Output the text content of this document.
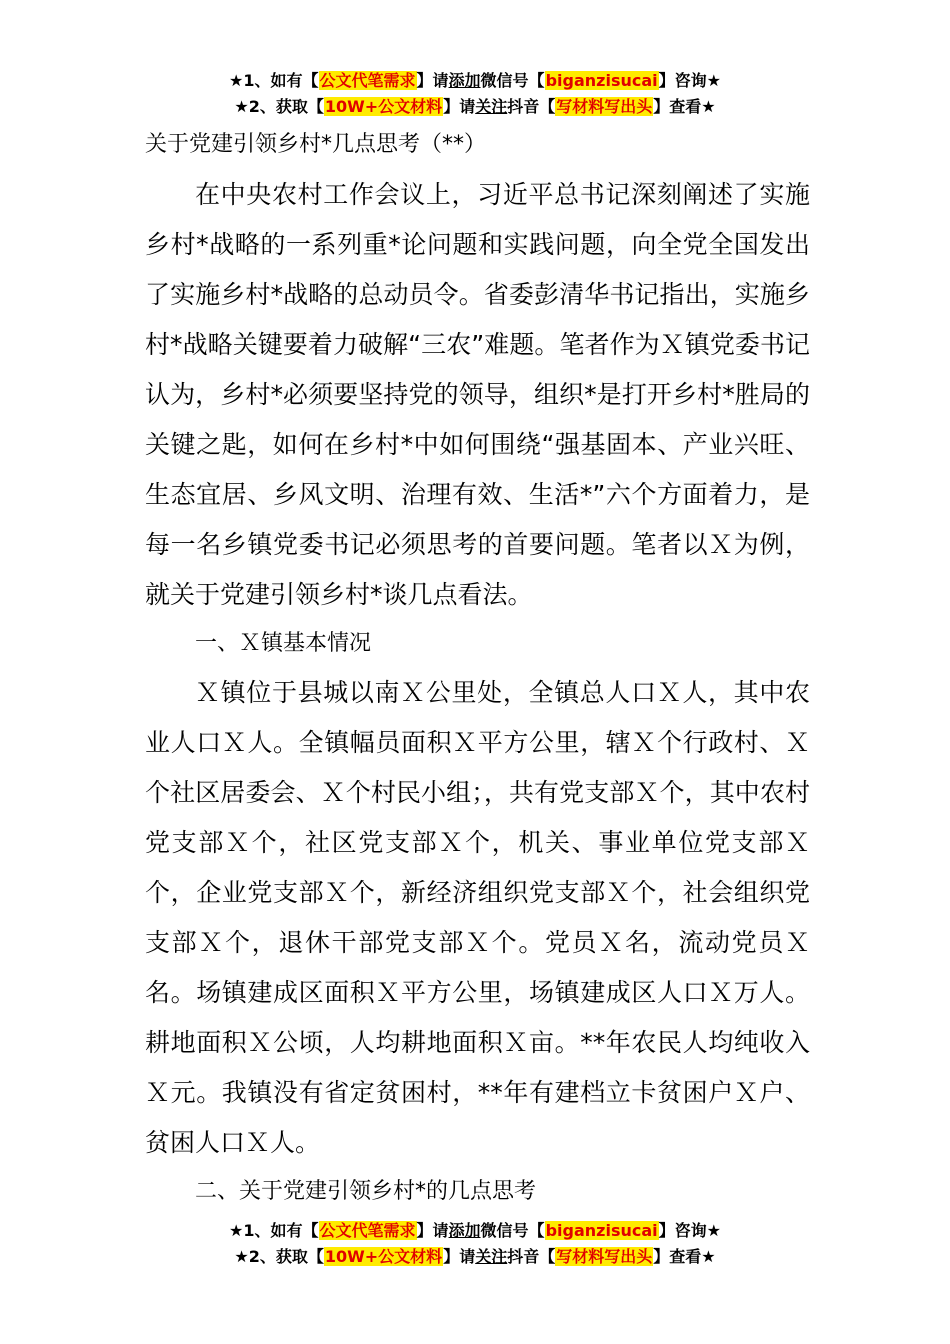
★1、如有【公文代笔需求】请添加微信号【biganzisucai】咨询★
★2、获取【10W+公文材料】请关注抖音【写材料写出头】查看★
关于党建引领乡村*几点思考（**）
在中央农村工作会议上，习近平总书记深刻阐述了实施乡村*战略的一系列重*论问题和实践问题，向全党全国发出了实施乡村*战略的总动员令。省委彭清华书记指出，实施乡村*战略关键要着力破解“三农”难题。笔者作为Ｘ镇党委书记认为，乡村*必须要坚持党的领导，组织*是打开乡村*胜局的关键之匙，如何在乡村*中如何围绕“强基固本、产业兴旺、生态宜居、乡风文明、治理有效、生活*”六个方面着力，是每一名乡镇党委书记必须思考的首要问题。笔者以Ｘ为例，就关于党建引领乡村*谈几点看法。
一、Ｘ镇基本情况
Ｘ镇位于县城以南Ｘ公里处，全镇总人口Ｘ人，其中农业人口Ｘ人。全镇幅员面积Ｘ平方公里，辖Ｘ个行政村、Ｘ个社区居委会、Ｘ个村民小组；，共有党支部Ｘ个，其中农村党支部Ｘ个，社区党支部Ｘ个，机关、事业单位党支部Ｘ个，企业党支部Ｘ个，新经济组织党支部Ｘ个，社会组织党支部Ｘ个，退休干部党支部Ｘ个。党员Ｘ名，流动党员Ｘ名。场镇建成区面积Ｘ平方公里，场镇建成区人口Ｘ万人。耕地面积Ｘ公顷，人均耕地面积Ｘ亩。**年农民人均纯收入Ｘ元。我镇没有省定贫困村，**年有建档立卡贫困户Ｘ户、贫困人口Ｘ人。
二、关于党建引领乡村*的几点思考
★1、如有【公文代笔需求】请添加微信号【biganzisucai】咨询★
★2、获取【10W+公文材料】请关注抖音【写材料写出头】查看★
